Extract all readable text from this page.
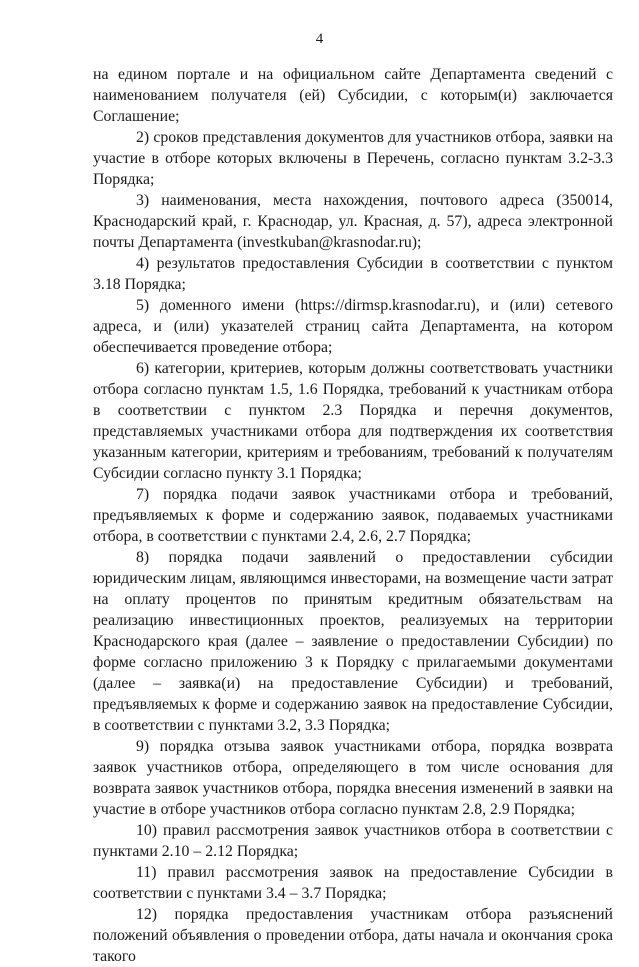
4

на едином портале и на официальном сайте Департамента сведений с наименованием получателя (ей) Субсидии, с которым(и) заключается Соглашение;

2) сроков представления документов для участников отбора, заявки на участие в отборе которых включены в Перечень, согласно пунктам 3.2-3.3 Порядка;

3) наименования, места нахождения, почтового адреса (350014, Краснодарский край, г. Краснодар, ул. Красная, д. 57), адреса электронной почты Департамента (investkuban@krasnodar.ru);

4) результатов предоставления Субсидии в соответствии с пунктом 3.18 Порядка;

5) доменного имени (https://dirmsp.krasnodar.ru), и (или) сетевого адреса, и (или) указателей страниц сайта Департамента, на котором обеспечивается проведение отбора;

6) категории, критериев, которым должны соответствовать участники отбора согласно пунктам 1.5, 1.6 Порядка, требований к участникам отбора в соответствии с пунктом 2.3 Порядка и перечня документов, представляемых участниками отбора для подтверждения их соответствия указанным категории, критериям и требованиям, требований к получателям Субсидии согласно пункту 3.1 Порядка;

7) порядка подачи заявок участниками отбора и требований, предъявляемых к форме и содержанию заявок, подаваемых участниками отбора, в соответствии с пунктами 2.4, 2.6, 2.7 Порядка;

8) порядка подачи заявлений о предоставлении субсидии юридическим лицам, являющимся инвесторами, на возмещение части затрат на оплату процентов по принятым кредитным обязательствам на реализацию инвестиционных проектов, реализуемых на территории Краснодарского края (далее – заявление о предоставлении Субсидии) по форме согласно приложению 3 к Порядку с прилагаемыми документами (далее – заявка(и) на предоставление Субсидии) и требований, предъявляемых к форме и содержанию заявок на предоставление Субсидии, в соответствии с пунктами 3.2, 3.3 Порядка;

9) порядка отзыва заявок участниками отбора, порядка возврата заявок участников отбора, определяющего в том числе основания для возврата заявок участников отбора, порядка внесения изменений в заявки на участие в отборе участников отбора согласно пунктам 2.8, 2.9 Порядка;

10) правил рассмотрения заявок участников отбора в соответствии с пунктами 2.10 – 2.12 Порядка;

11) правил рассмотрения заявок на предоставление Субсидии в соответствии с пунктами 3.4 – 3.7 Порядка;

12) порядка предоставления участникам отбора разъяснений положений объявления о проведении отбора, даты начала и окончания срока такого
